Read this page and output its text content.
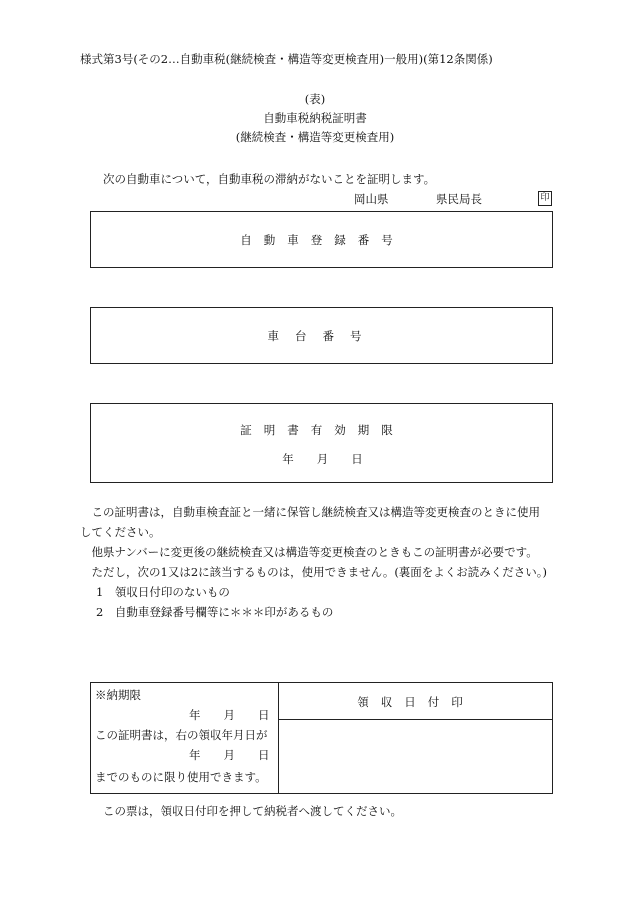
様式第3号(その2…自動車税(継続検査・構造等変更検査用)一般用)(第12条関係)
(表)
自動車税納税証明書
(継続検査・構造等変更検査用)
次の自動車について，自動車税の滞納がないことを証明します。
岡山県	県民局長	印
自動車登録番号
車台番号
証明書有効期限
年　　月　　日

この証明書は，自動車検査証と一緒に保管し継続検査又は構造等変更検査のときに使用してください。

他県ナンバーに変更後の継続検査又は構造等変更検査のときもこの証明書が必要です。

ただし，次の1又は2に該当するものは，使用できません。(裏面をよくお読みください。)

1　領収日付印のないもの

2　自動車登録番号欄等に＊＊＊印があるもの

※納期限
年　　月　　日
この証明書は，右の領収年月日が
年　　月　　日
までのものに限り使用できます。
領収日付印
この票は，領収日付印を押して納税者へ渡してください。
